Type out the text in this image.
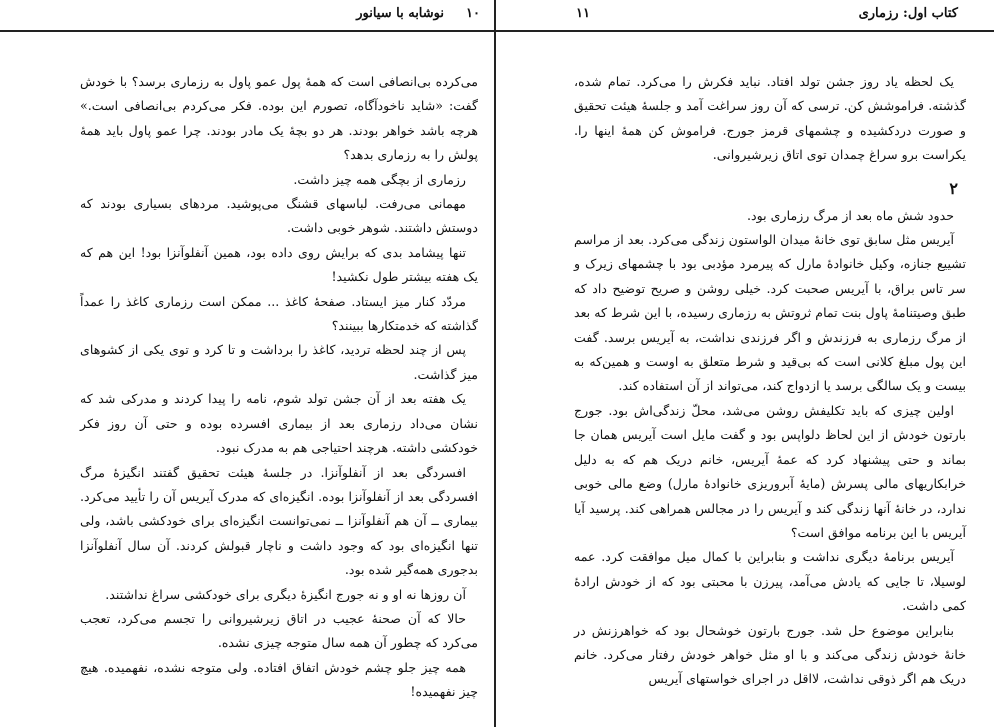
۱۰
نوشابه با سیانور

می‌کرده بی‌انصافی است که همهٔ پول عمو پاول به رزماری برسد؟ با خودش گفت: «شاید ناخودآگاه، تصورم این بوده. فکر می‌کردم بی‌انصافی است.» هرچه باشد خواهر بودند. هر دو بچهٔ یک مادر بودند. چرا عمو پاول باید همهٔ پولش را به رزماری بدهد؟

رزماری از بچگی همه چیز داشت.

مهمانی می‌رفت. لباسهای قشنگ می‌پوشید. مردهای بسیاری بودند که دوستش داشتند. شوهر خوبی داشت.

تنها پیشامد بدی که برایش روی داده بود، همین آنفلوآنزا بود! این هم که یک هفته بیشتر طول نکشید!

مردّد کنار میز ایستاد. صفحهٔ کاغذ ... ممکن است رزماری کاغذ را عمداً گذاشته که خدمتکارها ببینند؟

پس از چند لحظه تردید، کاغذ را برداشت و تا کرد و توی یکی از کشوهای میز گذاشت.

یک هفته بعد از آن جشن تولد شوم، نامه را پیدا کردند و مدرکی شد که نشان می‌داد رزماری بعد از بیماری افسرده بوده و حتی آن روز فکر خودکشی داشته. هرچند احتیاجی هم به مدرک نبود.

افسردگی بعد از آنفلوآنزا. در جلسهٔ هیئت تحقیق گفتند انگیزهٔ مرگ افسردگی بعد از آنفلوآنزا بوده. انگیزه‌ای که مدرک آیریس آن را تأیید می‌کرد. بیماری ــ آن هم آنفلوآنزا ــ نمی‌توانست انگیزه‌ای برای خودکشی باشد، ولی تنها انگیزه‌ای بود که وجود داشت و ناچار قبولش کردند. آن سال آنفلوآنزا بدجوری همه‌گیر شده بود.

آن روزها نه او و نه جورج انگیزهٔ دیگری برای خودکشی سراغ نداشتند.

حالا که آن صحنهٔ عجیب در اتاق زیرشیروانی را تجسم می‌کرد، تعجب می‌کرد که چطور آن همه سال متوجه چیزی نشده.

همه چیز جلو چشم خودش اتفاق افتاده. ولی متوجه نشده، نفهمیده. هیچ چیز نفهمیده!

کتاب اول: رزماری
۱۱

یک لحظه یاد روز جشن تولد افتاد. نباید فکرش را می‌کرد. تمام شده، گذشته. فراموشش کن. ترسی که آن روز سراغت آمد و جلسهٔ هیئت تحقیق و صورت دردکشیده و چشمهای قرمز جورج. فراموش کن همهٔ اینها را. یکراست برو سراغ چمدان توی اتاق زیرشیروانی.

۲

حدود شش ماه بعد از مرگ رزماری بود.

آیریس مثل سابق توی خانهٔ میدان الواستون زندگی می‌کرد. بعد از مراسم تشییع جنازه، وکیل خانوادهٔ مارل که پیرمرد مؤدبی بود با چشمهای زیرک و سر تاس براق، با آیریس صحبت کرد. خیلی روشن و صریح توضیح داد که طبق وصیتنامهٔ پاول بنت تمام ثروتش به رزماری رسیده، با این شرط که بعد از مرگ رزماری به فرزندش و اگر فرزندی نداشت، به آیریس برسد. گفت این پول مبلغ کلانی است که بی‌قید و شرط متعلق به اوست و همین‌که به بیست و یک سالگی برسد یا ازدواج کند، می‌تواند از آن استفاده کند.

اولین چیزی که باید تکلیفش روشن می‌شد، محلّ زندگی‌اش بود. جورج بارتون خودش از این لحاظ دلواپس بود و گفت مایل است آیریس همان جا بماند و حتی پیشنهاد کرد که عمهٔ آیریس، خانم دریک هم که به دلیل خرابکاریهای مالی پسرش (مایهٔ آبروریزی خانوادهٔ مارل) وضع مالی خوبی ندارد، در خانهٔ آنها زندگی کند و آیریس را در مجالس همراهی کند. پرسید آیا آیریس با این برنامه موافق است؟

آیریس برنامهٔ دیگری نداشت و بنابراین با کمال میل موافقت کرد. عمه لوسیلا، تا جایی که یادش می‌آمد، پیرزن با محبتی بود که از خودش ارادهٔ کمی داشت.

بنابراین موضوع حل شد. جورج بارتون خوشحال بود که خواهرزنش در خانهٔ خودش زندگی می‌کند و با او مثل خواهر خودش رفتار می‌کرد. خانم دریک هم اگر ذوقی نداشت، لااقل در اجرای خواستهای آیریس
